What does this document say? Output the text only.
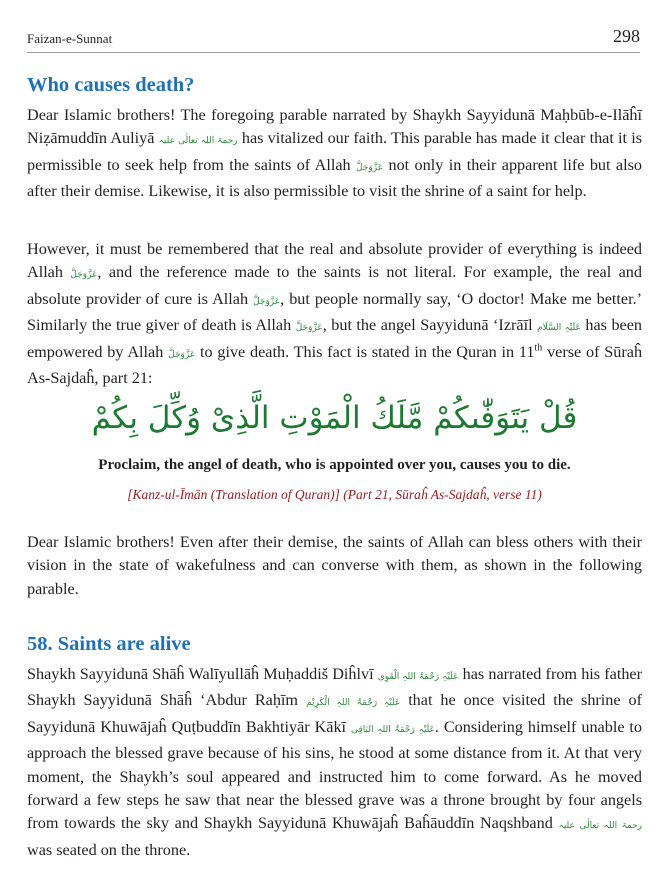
Faizan-e-Sunnat	298
Who causes death?

Dear Islamic brothers! The foregoing parable narrated by Shaykh Sayyidunā Maḥbūb-e-Ilāĥī Niẓāmuddīn Auliyā رحمۃ اللہ تعالٰی علیہ has vitalized our faith. This parable has made it clear that it is permissible to seek help from the saints of Allah عَزَّوَجَلَّ not only in their apparent life but also after their demise. Likewise, it is also permissible to visit the shrine of a saint for help.

However, it must be remembered that the real and absolute provider of everything is indeed Allah عَزَّوَجَلَّ, and the reference made to the saints is not literal. For example, the real and absolute provider of cure is Allah عَزَّوَجَلَّ, but people normally say, ‘O doctor! Make me better.’ Similarly the true giver of death is Allah عَزَّوَجَلَّ, but the angel Sayyidunā ‘Izrāīl عَلَیْہِ السَّلَام has been empowered by Allah عَزَّوَجَلَّ to give death. This fact is stated in the Quran in 11th verse of Sūraĥ As-Sajdaĥ, part 21:

قُلْ یَتَوَفّٰىكُمْ مَّلَكُ الْمَوْتِ الَّذِیْ وُكِّلَ بِكُمْ

Proclaim, the angel of death, who is appointed over you, causes you to die.

[Kanz-ul-Īmān (Translation of Quran)] (Part 21, Sūraĥ As-Sajdaĥ, verse 11)

Dear Islamic brothers! Even after their demise, the saints of Allah can bless others with their vision in the state of wakefulness and can converse with them, as shown in the following parable.

58. Saints are alive

Shaykh Sayyidunā Shāĥ Walīyullāĥ Muḥaddiš Diĥlvī عَلَیْہِ رَحْمَۃُ اللہِ الْقَوِی has narrated from his father Shaykh Sayyidunā Shāĥ ‘Abdur Raḥīm عَلَیْہِ رَحْمَۃُ اللہِ الْکَرِیْم that he once visited the shrine of Sayyidunā Khuwājaĥ Quṭbuddīn Bakhtiyār Kākī عَلَیْہِ رَحْمَۃُ اللہِ البَاقِی. Considering himself unable to approach the blessed grave because of his sins, he stood at some distance from it. At that very moment, the Shaykh’s soul appeared and instructed him to come forward. As he moved forward a few steps he saw that near the blessed grave was a throne brought by four angels from towards the sky and Shaykh Sayyidunā Khuwājaĥ Baĥāuddīn Naqshband رحمۃ اللہ تعالٰی علیہ was seated on the throne.
